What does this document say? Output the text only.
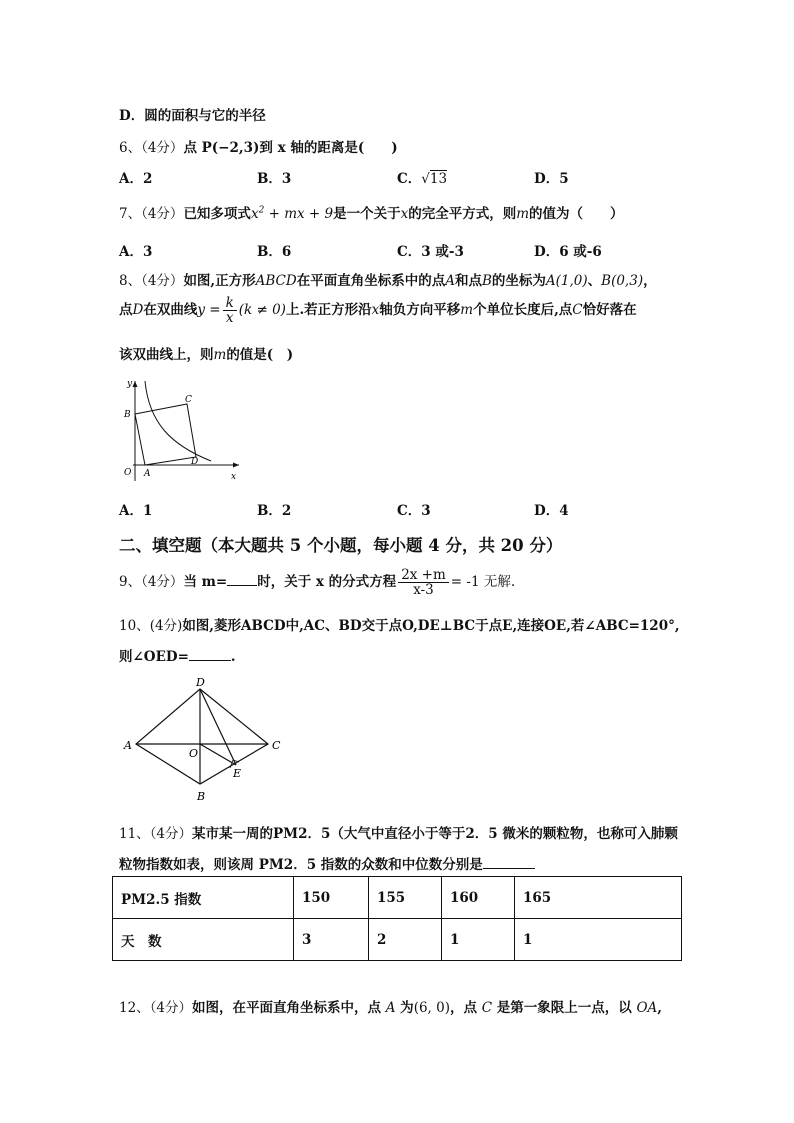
D．圆的面积与它的半径
6、（4分）点 P(−2,3)到 x 轴的距离是(　　)
A．2	B．3	C．√13	D．5
7、（4分）已知多项式$x^2$ + mx + 9是一个关于x的完全平方式，则m的值为（　　）
A．3	B．6	C．3 或-3	D．6 或-6
8、（4分）如图,正方形ABCD在平面直角坐标系中的点A和点B的坐标为A(1,0)、B(0,3)，
点D在双曲线$y = \frac{k}{x} (k \ne 0)$上.若正方形沿x轴负方向平移m个单位长度后,点C恰好落在
该双曲线上，则m的值是(　)
y
x
O A
B
C
D
A．1	B．2	C．3	D．4
二、填空题（本大题共 5 个小题，每小题 4 分，共 20 分）
9、（4分）当 m= 时，关于 x 的分式方程 $\frac{2x +m}{x-3} = -1$ 无解.
10、(4分)如图,菱形ABCD中,AC、BD交于点O,DE⊥BC于点E,连接OE,若∠ABC=120°,
则∠OED=	.
D
A	C
B
O
E
11、（4分）某市某一周的PM2．5（大气中直径小于等于2．5 微米的颗粒物，也称可入肺颗
粒物指数如表，则该周 PM2．5 指数的众数和中位数分别是
PM2.5 指数	150	155	160	165
天　数	3	2	1	1
12、（4分）如图，在平面直角坐标系中，点 A 为(6, 0)，点 C 是第一象限上一点，以 OA,
